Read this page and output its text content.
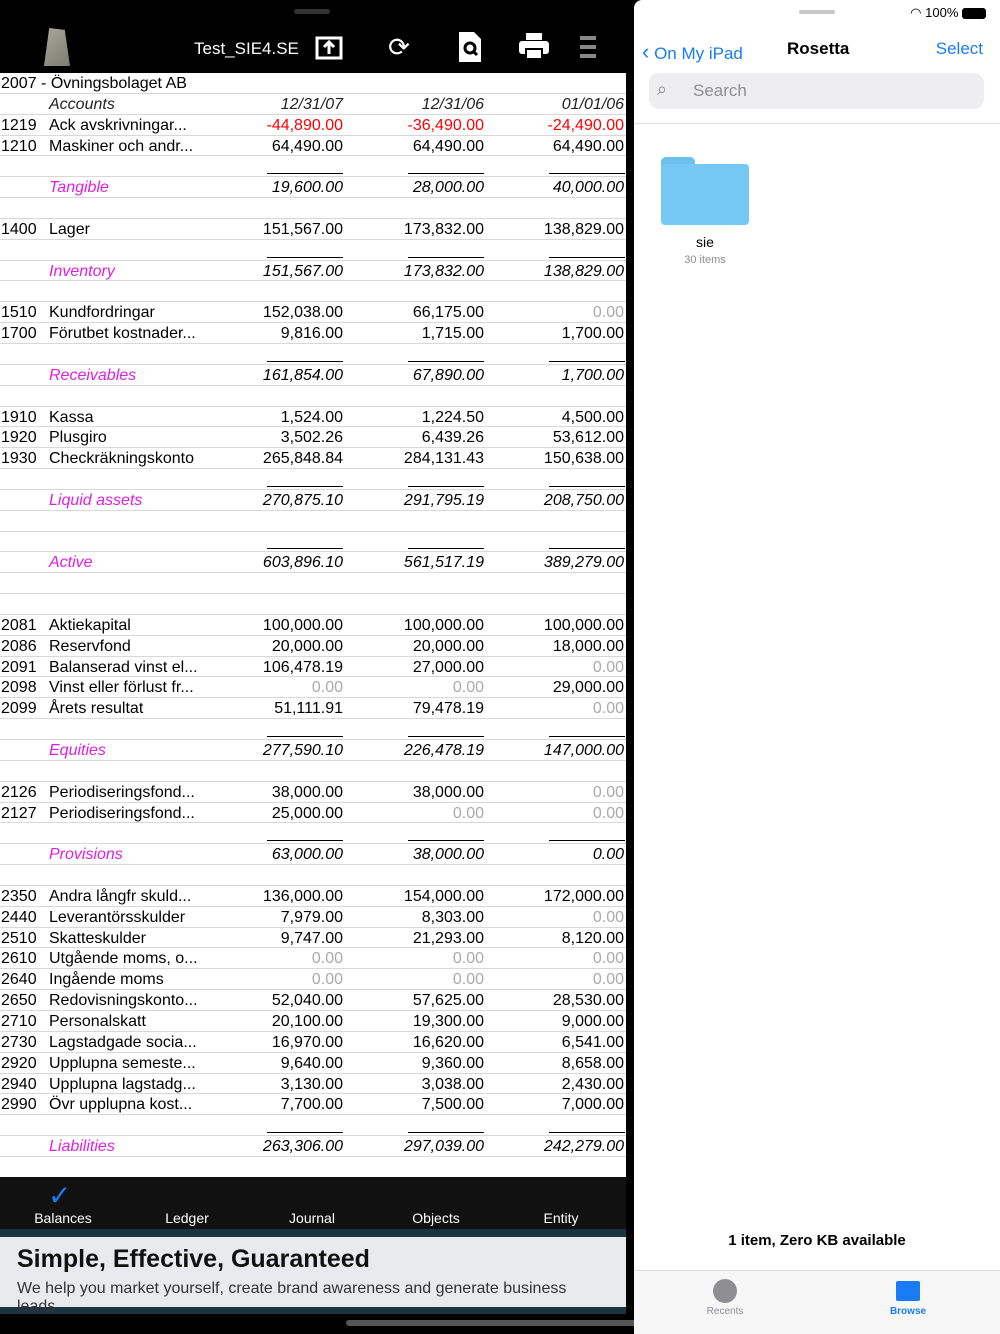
Test_SIE4.SE	⟳
2007 - Övningsbolaget AB
Accounts	12/31/07	12/31/06	01/01/06
1219 Ack avskrivningar...	-44,890.00	-36,490.00	-24,490.00
1210 Maskiner och andr...	64,490.00	64,490.00	64,490.00
Tangible	19,600.00	28,000.00	40,000.00
1400 Lager	151,567.00	173,832.00	138,829.00
Inventory	151,567.00	173,832.00	138,829.00
1510 Kundfordringar	152,038.00	66,175.00	0.00
1700 Förutbet kostnader...	9,816.00	1,715.00	1,700.00
Receivables	161,854.00	67,890.00	1,700.00
1910 Kassa	1,524.00	1,224.50	4,500.00
1920 Plusgiro	3,502.26	6,439.26	53,612.00
1930 Checkräkningskonto	265,848.84	284,131.43	150,638.00
Liquid assets	270,875.10	291,795.19	208,750.00
Active	603,896.10	561,517.19	389,279.00
2081 Aktiekapital	100,000.00	100,000.00	100,000.00
2086 Reservfond	20,000.00	20,000.00	18,000.00
2091 Balanserad vinst el...	106,478.19	27,000.00	0.00
2098 Vinst eller förlust fr...	0.00	0.00	29,000.00
2099 Årets resultat	51,111.91	79,478.19	0.00
Equities	277,590.10	226,478.19	147,000.00
2126 Periodiseringsfond...	38,000.00	38,000.00	0.00
2127 Periodiseringsfond...	25,000.00	0.00	0.00
Provisions	63,000.00	38,000.00	0.00
2350 Andra långfr skuld...	136,000.00	154,000.00	172,000.00
2440 Leverantörsskulder	7,979.00	8,303.00	0.00
2510 Skatteskulder	9,747.00	21,293.00	8,120.00
2610 Utgående moms, o...	0.00	0.00	0.00
2640 Ingående moms	0.00	0.00	0.00
2650 Redovisningskonto...	52,040.00	57,625.00	28,530.00
2710 Personalskatt	20,100.00	19,300.00	9,000.00
2730 Lagstadgade socia...	16,970.00	16,620.00	6,541.00
2920 Upplupna semeste...	9,640.00	9,360.00	8,658.00
2940 Upplupna lagstadg...	3,130.00	3,038.00	2,430.00
2990 Övr upplupna kost...	7,700.00	7,500.00	7,000.00
Liabilities	263,306.00	297,039.00	242,279.00
✓
Balances	Ledger	Journal	Objects	Entity
Simple, Effective, Guaranteed
We help you market yourself, create brand awareness and generate business leads.
︎◠ 100%
‹ On My iPad	Rosetta	Select
⌕ Search
sie
30 items
1 item, Zero KB available
Recents	Browse
